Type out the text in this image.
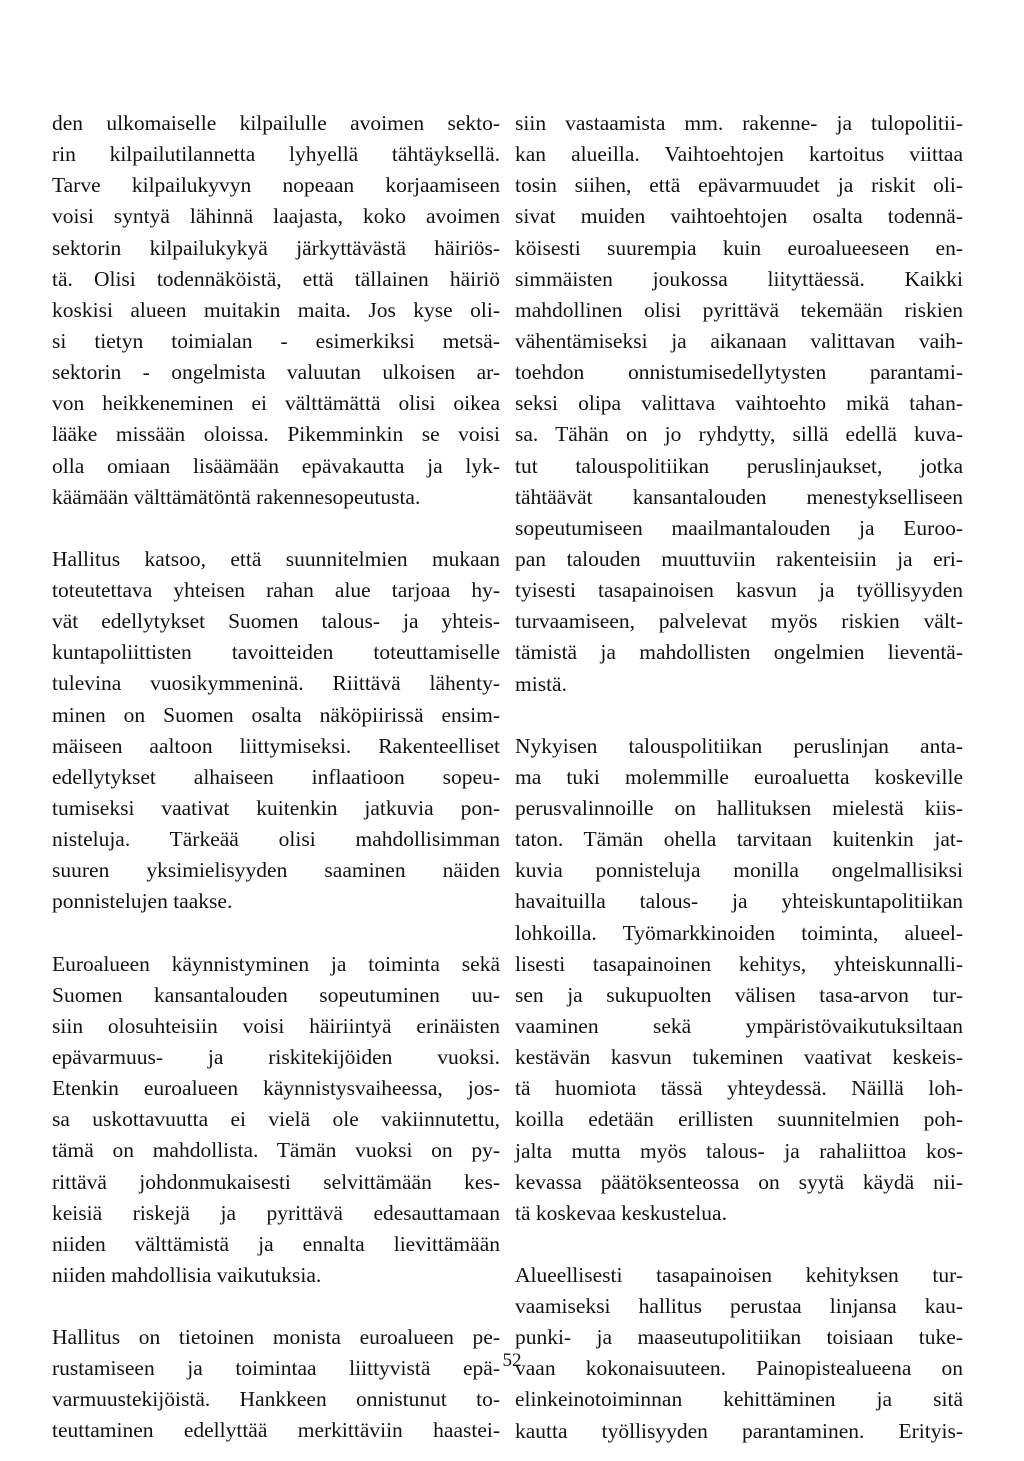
den ulkomaiselle kilpailulle avoimen sekto-
rin kilpailutilannetta lyhyellä tähtäyksellä.
Tarve kilpailukyvyn nopeaan korjaamiseen
voisi syntyä lähinnä laajasta, koko avoimen
sektorin kilpailukykyä järkyttävästä häiriös-
tä. Olisi todennäköistä, että tällainen häiriö
koskisi alueen muitakin maita. Jos kyse oli-
si tietyn toimialan - esimerkiksi metsä-
sektorin - ongelmista valuutan ulkoisen ar-
von heikkeneminen ei välttämättä olisi oikea
lääke missään oloissa. Pikemminkin se voisi
olla omiaan lisäämään epävakautta ja lyk-
käämään välttämätöntä rakennesopeutusta.
Hallitus katsoo, että suunnitelmien mukaan
toteutettava yhteisen rahan alue tarjoaa hy-
vät edellytykset Suomen talous- ja yhteis-
kuntapoliittisten tavoitteiden toteuttamiselle
tulevina vuosikymmeninä. Riittävä lähenty-
minen on Suomen osalta näköpiirissä ensim-
mäiseen aaltoon liittymiseksi. Rakenteelliset
edellytykset alhaiseen inflaatioon sopeu-
tumiseksi vaativat kuitenkin jatkuvia pon-
nisteluja. Tärkeää olisi mahdollisimman
suuren yksimielisyyden saaminen näiden
ponnistelujen taakse.
Euroalueen käynnistyminen ja toiminta sekä
Suomen kansantalouden sopeutuminen uu-
siin olosuhteisiin voisi häiriintyä erinäisten
epävarmuus- ja riskitekijöiden vuoksi.
Etenkin euroalueen käynnistysvaiheessa, jos-
sa uskottavuutta ei vielä ole vakiinnutettu,
tämä on mahdollista. Tämän vuoksi on py-
rittävä johdonmukaisesti selvittämään kes-
keisiä riskejä ja pyrittävä edesauttamaan
niiden välttämistä ja ennalta lievittämään
niiden mahdollisia vaikutuksia.
Hallitus on tietoinen monista euroalueen pe-
rustamiseen ja toimintaa liittyvistä epä-
varmuustekijöistä. Hankkeen onnistunut to-
teuttaminen edellyttää merkittäviin haastei-
siin vastaamista mm. rakenne- ja tulopolitii-
kan alueilla. Vaihtoehtojen kartoitus viittaa
tosin siihen, että epävarmuudet ja riskit oli-
sivat muiden vaihtoehtojen osalta todennä-
köisesti suurempia kuin euroalueeseen en-
simmäisten joukossa liityttäessä. Kaikki
mahdollinen olisi pyrittävä tekemään riskien
vähentämiseksi ja aikanaan valittavan vaih-
toehdon onnistumisedellytysten parantami-
seksi olipa valittava vaihtoehto mikä tahan-
sa. Tähän on jo ryhdytty, sillä edellä kuva-
tut talouspolitiikan peruslinjaukset, jotka
tähtäävät kansantalouden menestykselliseen
sopeutumiseen maailmantalouden ja Euroo-
pan talouden muuttuviin rakenteisiin ja eri-
tyisesti tasapainoisen kasvun ja työllisyyden
turvaamiseen, palvelevat myös riskien vält-
tämistä ja mahdollisten ongelmien lieventä-
mistä.
Nykyisen talouspolitiikan peruslinjan anta-
ma tuki molemmille euroaluetta koskeville
perusvalinnoille on hallituksen mielestä kiis-
taton. Tämän ohella tarvitaan kuitenkin jat-
kuvia ponnisteluja monilla ongelmallisiksi
havaituilla talous- ja yhteiskuntapolitiikan
lohkoilla. Työmarkkinoiden toiminta, alueel-
lisesti tasapainoinen kehitys, yhteiskunnalli-
sen ja sukupuolten välisen tasa-arvon tur-
vaaminen sekä ympäristövaikutuksiltaan
kestävän kasvun tukeminen vaativat keskeis-
tä huomiota tässä yhteydessä. Näillä loh-
koilla edetään erillisten suunnitelmien poh-
jalta mutta myös talous- ja rahaliittoa kos-
kevassa päätöksenteossa on syytä käydä nii-
tä koskevaa keskustelua.
Alueellisesti tasapainoisen kehityksen tur-
vaamiseksi hallitus perustaa linjansa kau-
punki- ja maaseutupolitiikan toisiaan tuke-
vaan kokonaisuuteen. Painopistealueena on
elinkeinotoiminnan kehittäminen ja sitä
kautta työllisyyden parantaminen. Erityis-
52
